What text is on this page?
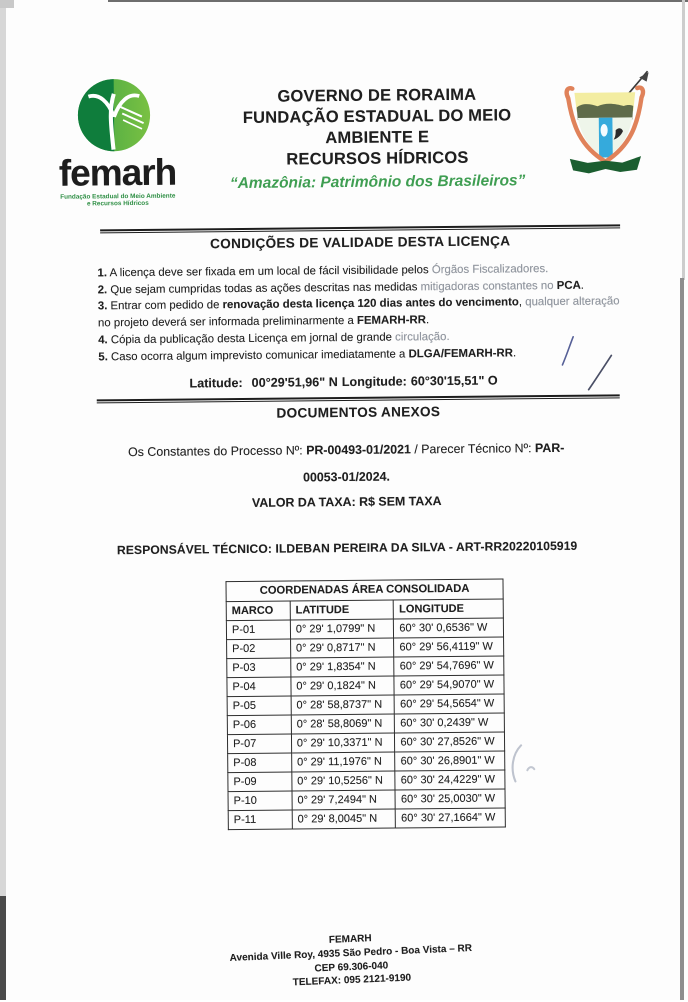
femarh
Fundação Estadual do Meio Ambiente
e Recursos Hídricos
GOVERNO DE RORAIMA
FUNDAÇÃO ESTADUAL DO MEIO AMBIENTE E
RECURSOS HÍDRICOS
“Amazônia: Patrimônio dos Brasileiros”
CONDIÇÕES DE VALIDADE DESTA LICENÇA

1. A licença deve ser fixada em um local de fácil visibilidade pelos Órgãos Fiscalizadores.

2. Que sejam cumpridas todas as ações descritas nas medidas mitigadoras constantes no PCA.

3. Entrar com pedido de renovação desta licença 120 dias antes do vencimento, qualquer alteração
no projeto deverá ser informada preliminarmente a FEMARH-RR.

4. Cópia da publicação desta Licença em jornal de grande circulação.

5. Caso ocorra algum imprevisto comunicar imediatamente a DLGA/FEMARH-RR.

Latitude: 00°29'51,96" N Longitude: 60°30'15,51" O

DOCUMENTOS ANEXOS
Os Constantes do Processo Nº: PR-00493-01/2021 / Parecer Técnico Nº: PAR-
00053-01/2024.

VALOR DA TAXA: R$ SEM TAXA

RESPONSÁVEL TÉCNICO: ILDEBAN PEREIRA DA SILVA - ART-RR20220105919

COORDENADAS ÁREA CONSOLIDADA		
MARCO	LATITUDE	LONGITUDE
P-01	0° 29' 1,0799" N	60° 30' 0,6536" W
P-02	0° 29' 0,8717" N	60° 29' 56,4119" W
P-03	0° 29' 1,8354" N	60° 29' 54,7696" W
P-04	0° 29' 0,1824" N	60° 29' 54,9070" W
P-05	0° 28' 58,8737" N	60° 29' 54,5654" W
P-06	0° 28' 58,8069" N	60° 30' 0,2439" W
P-07	0° 29' 10,3371" N	60° 30' 27,8526" W
P-08	0° 29' 11,1976" N	60° 30' 26,8901" W
P-09	0° 29' 10,5256" N	60° 30' 24,4229" W
P-10	0° 29' 7,2494" N	60° 30' 25,0030" W
P-11	0° 29' 8,0045" N	60° 30' 27,1664" W
FEMARH
Avenida Ville Roy, 4935 São Pedro - Boa Vista – RR
CEP 69.306-040
TELEFAX: 095 2121-9190
